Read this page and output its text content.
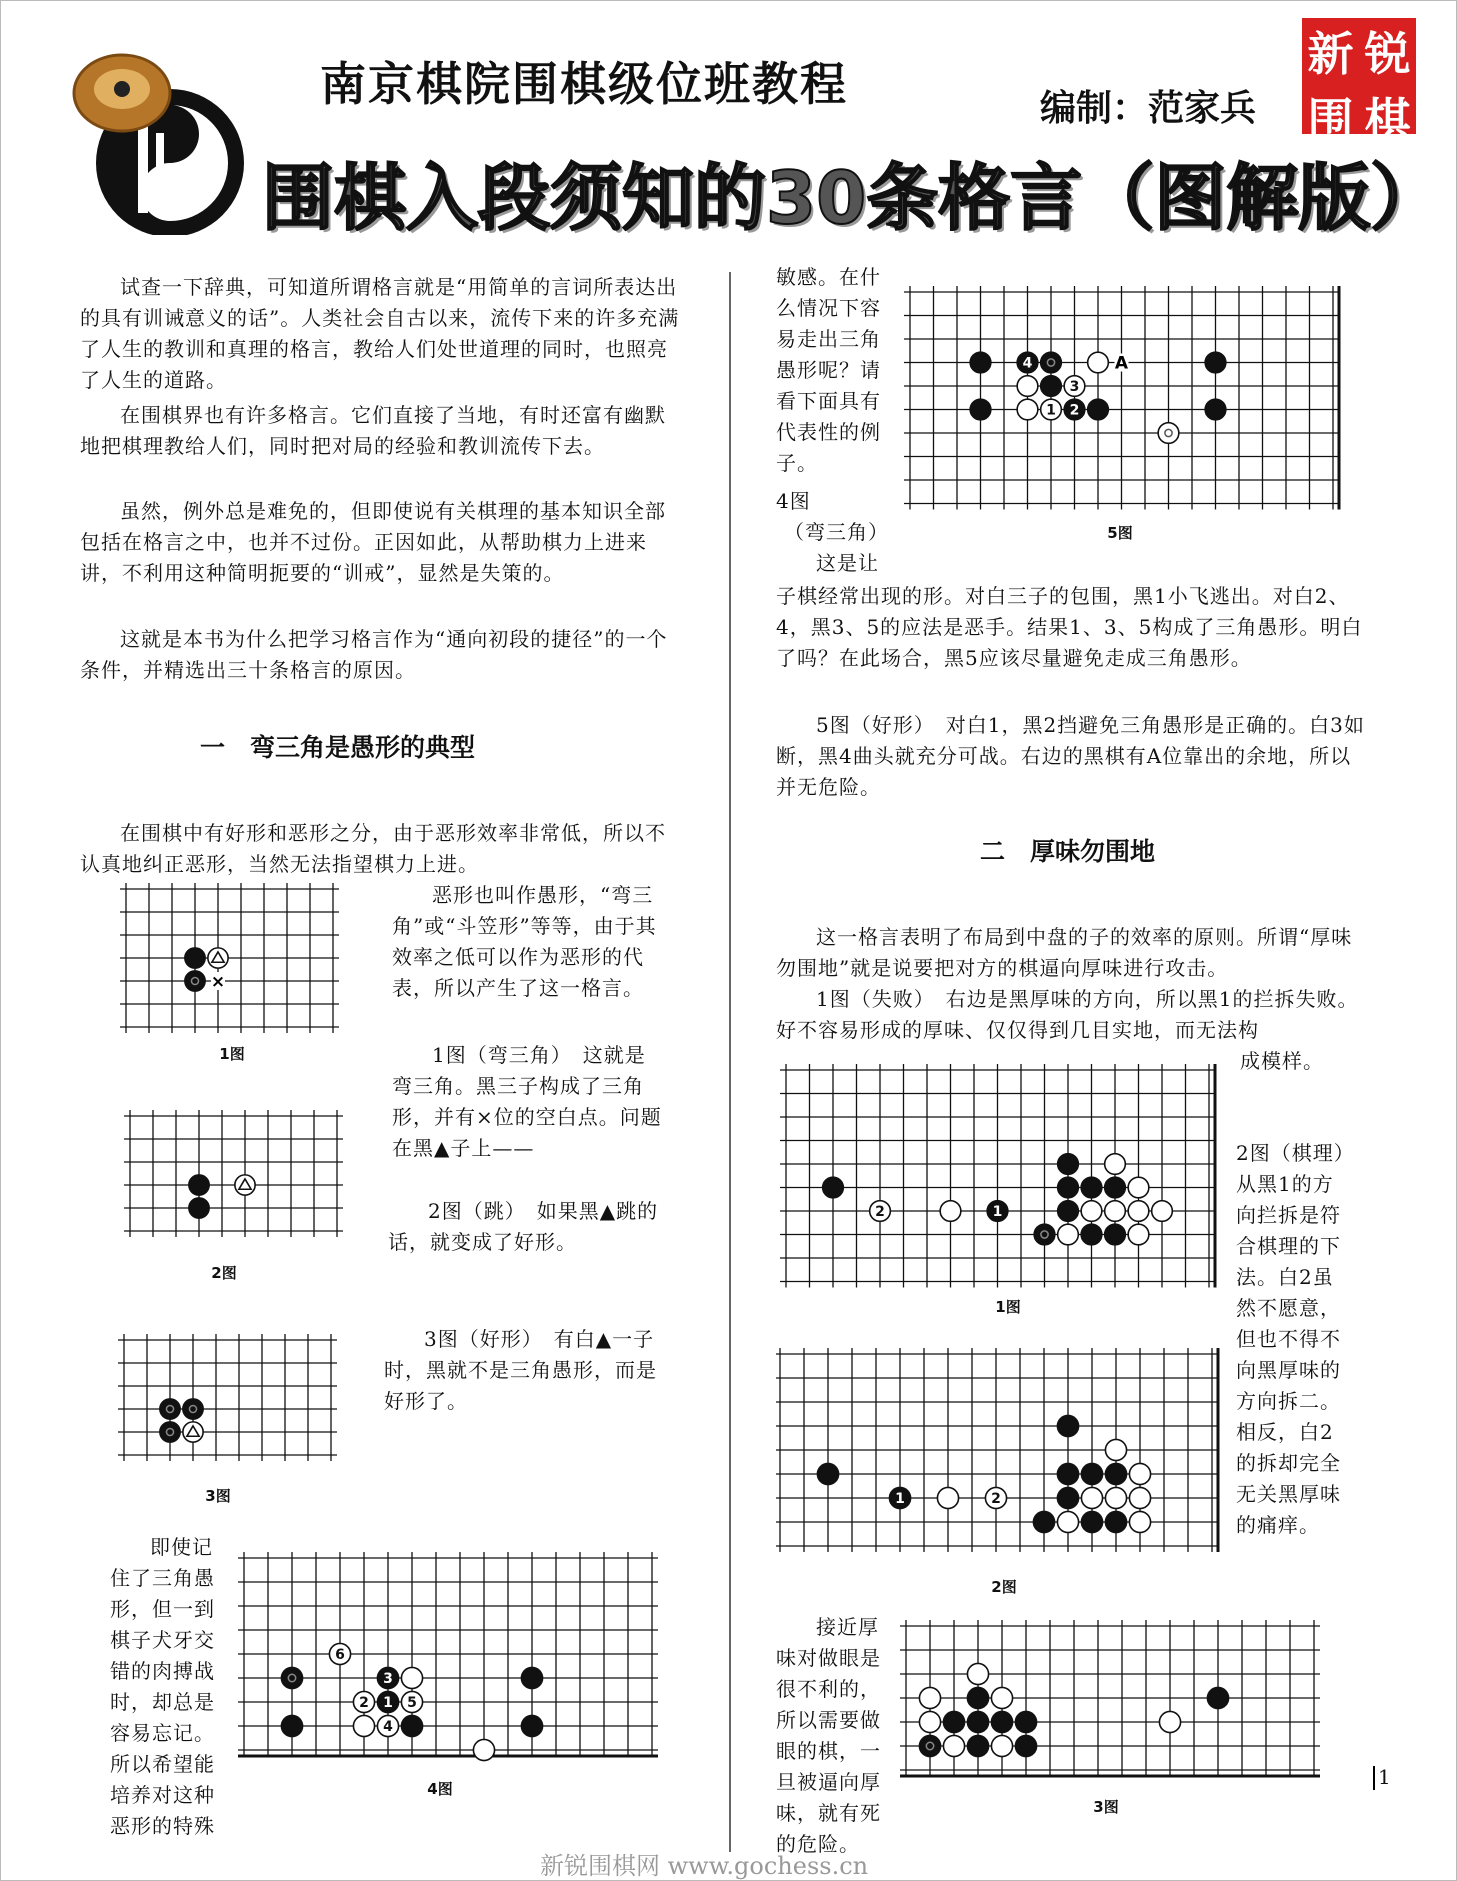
南京棋院围棋级位班教程	编制：范家兵
围棋入段须知的30条格言（图解版）
新 锐
围 棋

试查一下辞典，可知道所谓格言就是“用简单的言词所表达出的具有训诫意义的话”。人类社会自古以来，流传下来的许多充满了人生的教训和真理的格言，教给人们处世道理的同时，也照亮了人生的道路。

在围棋界也有许多格言。它们直接了当地，有时还富有幽默地把棋理教给人们，同时把对局的经验和教训流传下去。

虽然，例外总是难免的，但即使说有关棋理的基本知识全部包括在格言之中，也并不过份。正因如此，从帮助棋力上进来讲，不利用这种简明扼要的“训戒”，显然是失策的。

这就是本书为什么把学习格言作为“通向初段的捷径”的一个条件，并精选出三十条格言的原因。

一　弯三角是愚形的典型

在围棋中有好形和恶形之分，由于恶形效率非常低，所以不认真地纠正恶形，当然无法指望棋力上进。

×
1图

恶形也叫作愚形，“弯三角”或“斗笠形”等等，由于其效率之低可以作为恶形的代表，所以产生了这一格言。

1图（弯三角）　这就是弯三角。黑三子构成了三角形，并有×位的空白点。问题在黑▲子上——

2图

2图（跳）　如果黑▲跳的话，就变成了好形。

3图

3图（好形）　有白▲一子时，黑就不是三角愚形，而是好形了。

即使记住了三角愚形，但一到棋子犬牙交错的肉搏战时，却总是容易忘记。所以希望能培养对这种恶形的特殊

6
2
3
1
4
5
4图

敏感。在什么情况下容易走出三角愚形呢？请看下面具有代表性的例子。

4
3
1 2
A
5图

4图

（弯三角）

这是让

子棋经常出现的形。对白三子的包围，黑1小飞逃出。对白2、4，黑3、5的应法是恶手。结果1、3、5构成了三角愚形。明白了吗？在此场合，黑5应该尽量避免走成三角愚形。

5图（好形）　对白1，黑2挡避免三角愚形是正确的。白3如断，黑4曲头就充分可战。右边的黑棋有A位靠出的余地，所以并无危险。

二　厚味勿围地

这一格言表明了布局到中盘的子的效率的原则。所谓“厚味勿围地”就是说要把对方的棋逼向厚味进行攻击。

1图（失败）　右边是黑厚味的方向，所以黑1的拦拆失败。好不容易形成的厚味、仅仅得到几目实地，而无法构

成模样。

2	1
1图

2图（棋理）　从黑1的方向拦拆是符合棋理的下法。白2虽然不愿意，但也不得不向黑厚味的方向拆二。相反，白2的拆却完全无关黑厚味的痛痒。

1	2
2图

接近厚味对做眼是很不利的，所以需要做眼的棋，一旦被逼向厚味，就有死的危险。

3图
1
新锐围棋网 www.gochess.cn
